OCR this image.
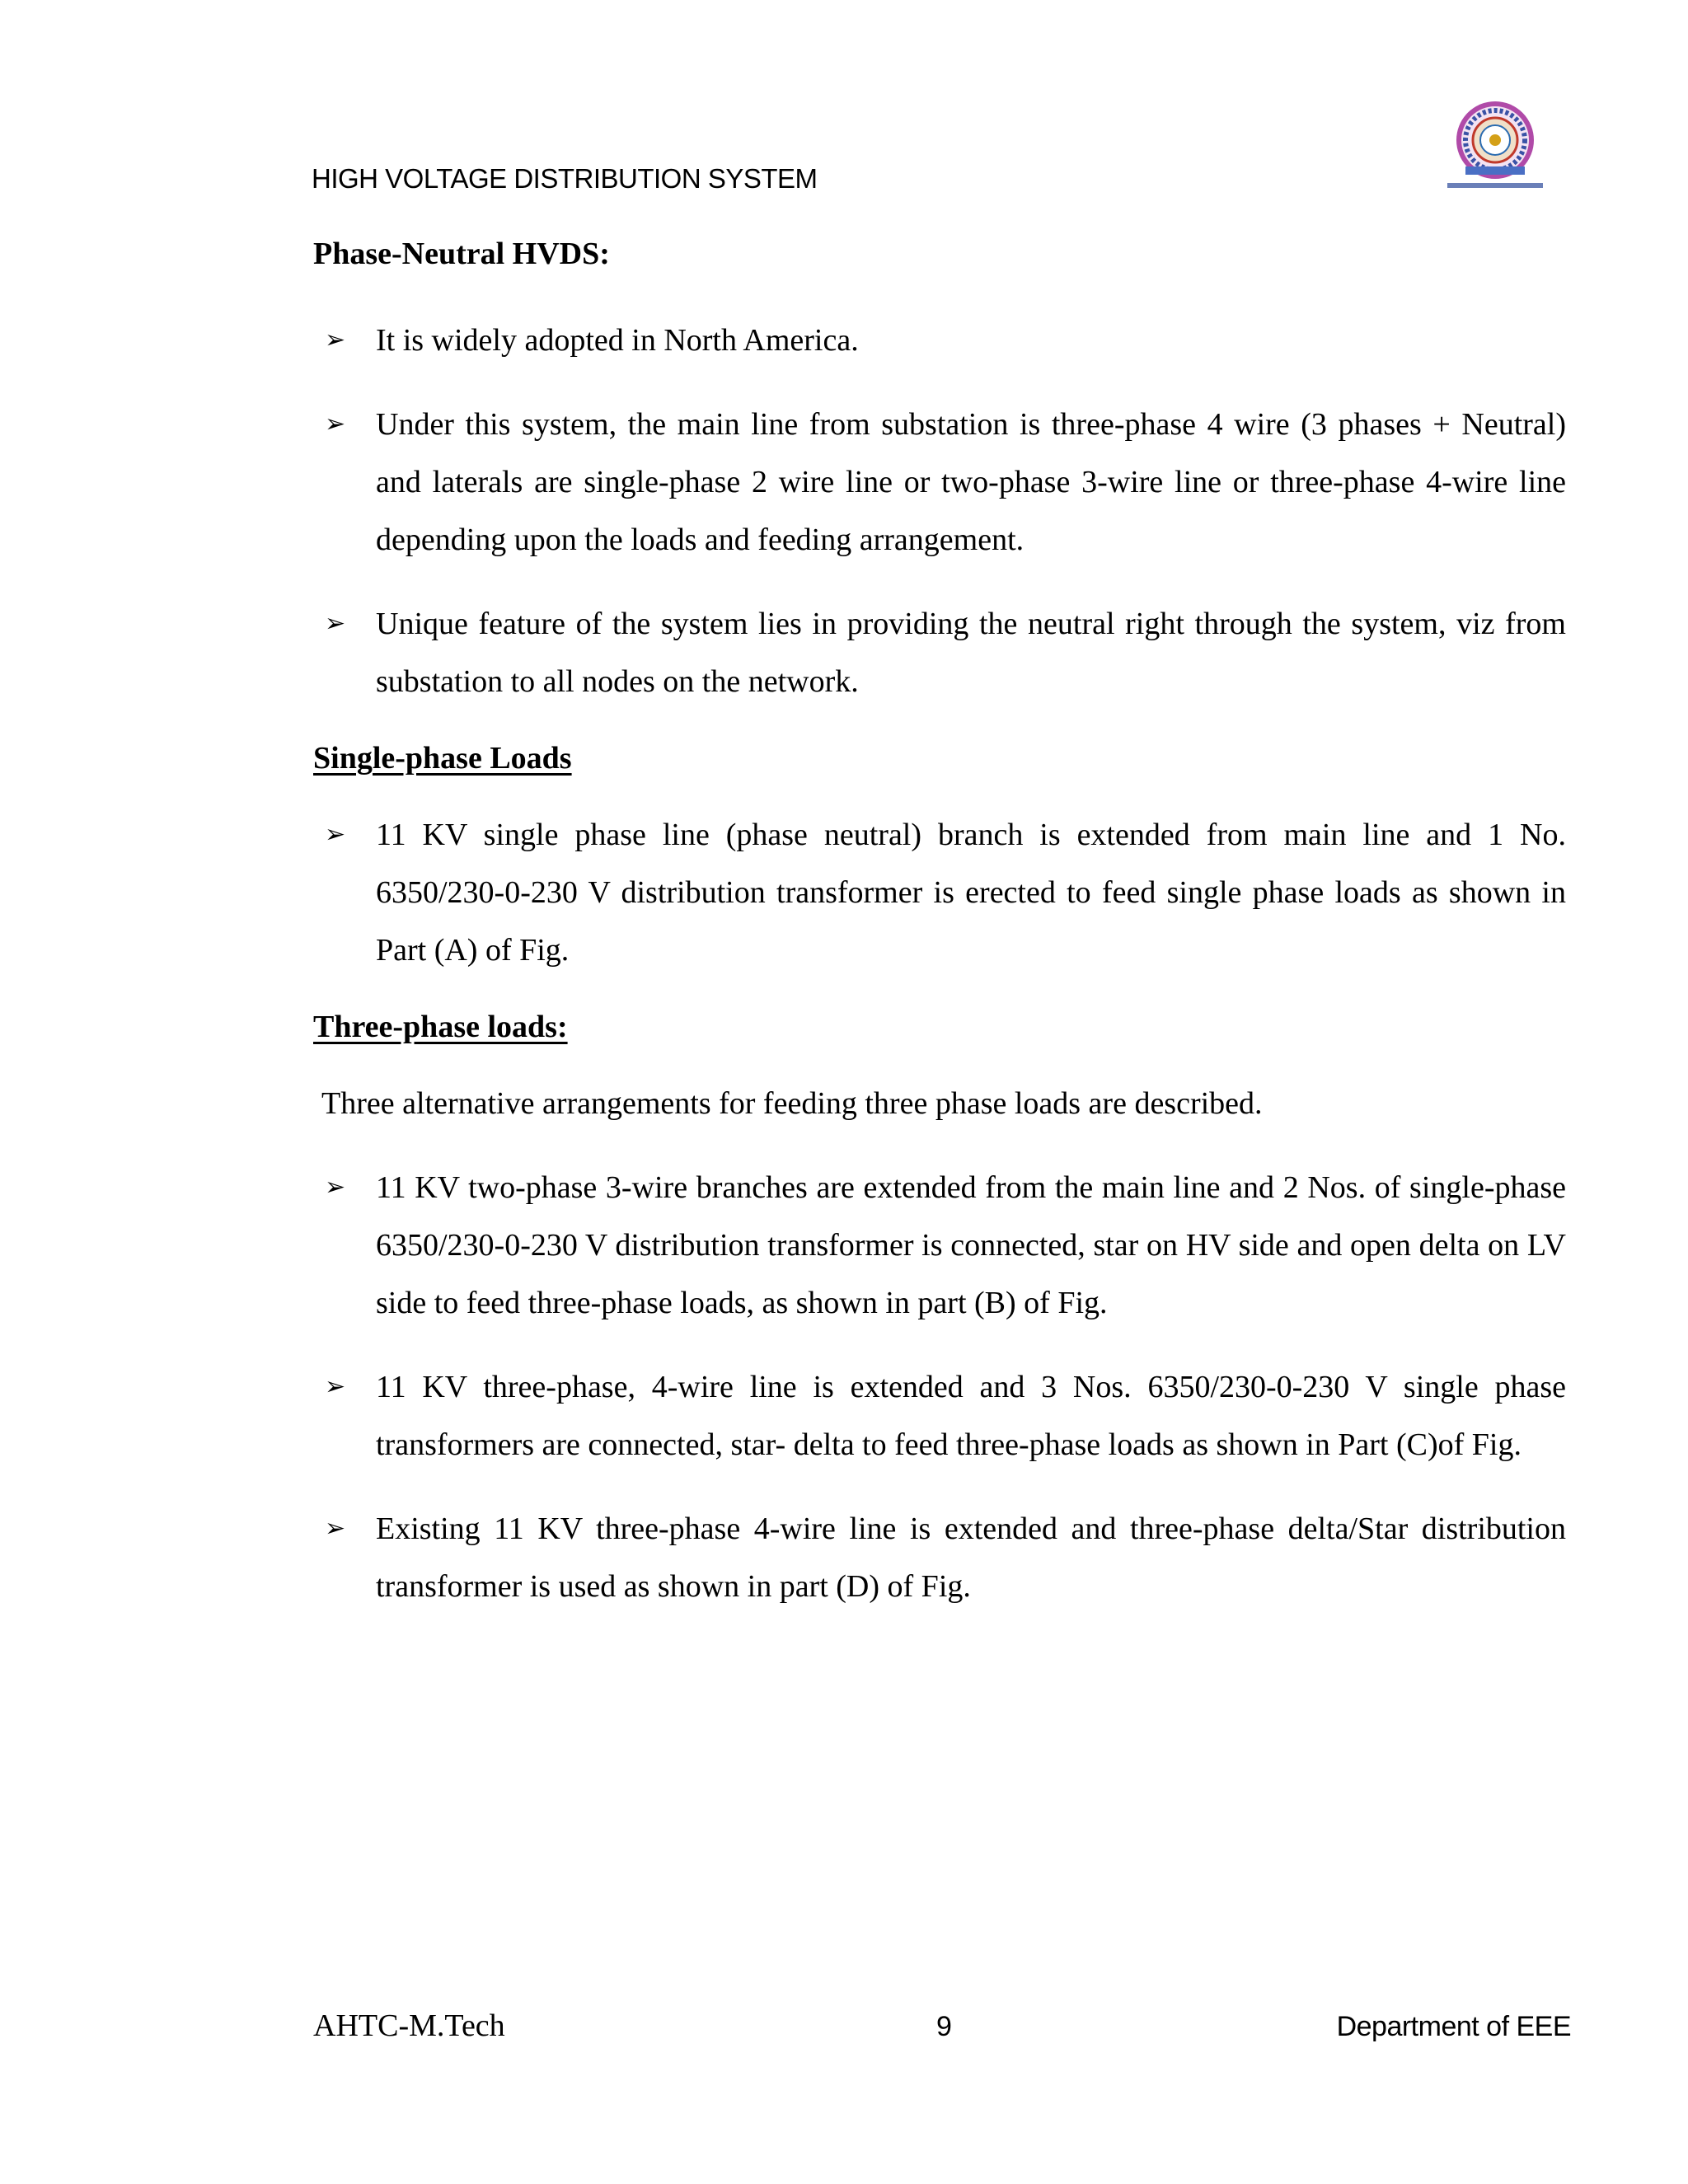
HIGH VOLTAGE DISTRIBUTION SYSTEM
Phase-Neutral HVDS:
➢ It is widely adopted in North America.
➢ Under this system, the main line from substation is three-phase 4 wire (3 phases + Neutral) and laterals are single-phase 2 wire line or two-phase 3-wire line or three-phase 4-wire line depending upon the loads and feeding arrangement.
➢ Unique feature of the system lies in providing the neutral right through the system, viz from substation to all nodes on the network.
Single-phase Loads
➢ 11 KV single phase line (phase neutral) branch is extended from main line and 1 No. 6350/230-0-230 V distribution transformer is erected to feed single phase loads as shown in Part (A) of Fig.
Three-phase loads:

Three alternative arrangements for feeding three phase loads are described.

➢ 11 KV two-phase 3-wire branches are extended from the main line and 2 Nos. of single-phase 6350/230-0-230 V distribution transformer is connected, star on HV side and open delta on LV side to feed three-phase loads, as shown in part (B) of Fig.
➢ 11 KV three-phase, 4-wire line is extended and 3 Nos. 6350/230-0-230 V single phase transformers are connected, star- delta to feed three-phase loads as shown in Part (C)of Fig.
➢ Existing 11 KV three-phase 4-wire line is extended and three-phase delta/Star distribution transformer is used as shown in part (D) of Fig.
AHTC-M.Tech	9	Department of EEE
